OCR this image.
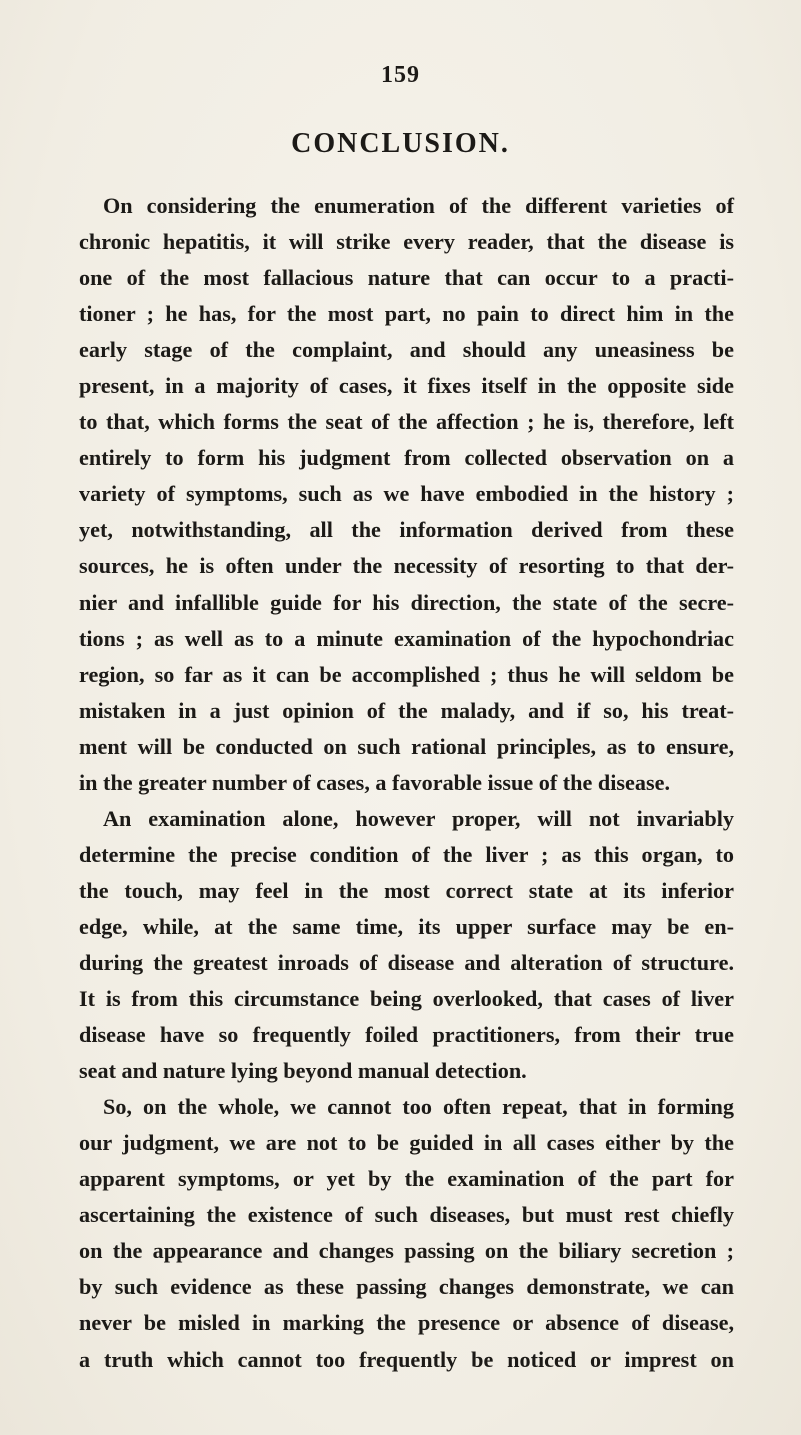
159
CONCLUSION.
On considering the enumeration of the different varieties of
chronic hepatitis, it will strike every reader, that the disease is
one of the most fallacious nature that can occur to a practi-
tioner ; he has, for the most part, no pain to direct him in the
early stage of the complaint, and should any uneasiness be
present, in a majority of cases, it fixes itself in the opposite side
to that, which forms the seat of the affection ; he is, therefore, left
entirely to form his judgment from collected observation on a
variety of symptoms, such as we have embodied in the history ;
yet, notwithstanding, all the information derived from these
sources, he is often under the necessity of resorting to that der-
nier and infallible guide for his direction, the state of the secre-
tions ; as well as to a minute examination of the hypochondriac
region, so far as it can be accomplished ; thus he will seldom be
mistaken in a just opinion of the malady, and if so, his treat-
ment will be conducted on such rational principles, as to ensure,
in the greater number of cases, a favorable issue of the disease.
An examination alone, however proper, will not invariably
determine the precise condition of the liver ; as this organ, to
the touch, may feel in the most correct state at its inferior
edge, while, at the same time, its upper surface may be en-
during the greatest inroads of disease and alteration of structure.
It is from this circumstance being overlooked, that cases of liver
disease have so frequently foiled practitioners, from their true
seat and nature lying beyond manual detection.
So, on the whole, we cannot too often repeat, that in forming
our judgment, we are not to be guided in all cases either by the
apparent symptoms, or yet by the examination of the part for
ascertaining the existence of such diseases, but must rest chiefly
on the appearance and changes passing on the biliary secretion ;
by such evidence as these passing changes demonstrate, we can
never be misled in marking the presence or absence of disease,
a truth which cannot too frequently be noticed or imprest on
